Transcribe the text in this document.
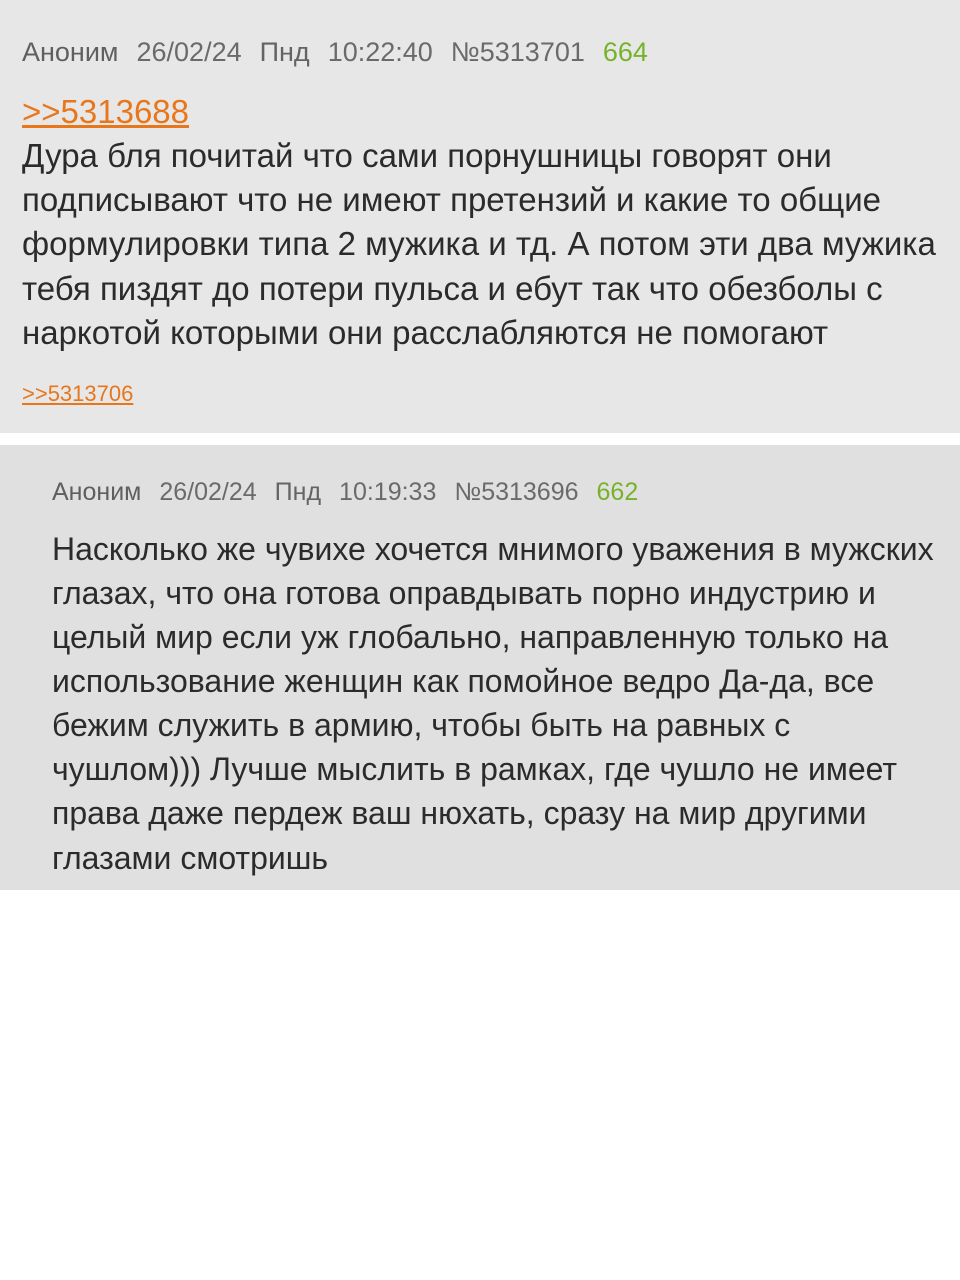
Аноним 26/02/24 Пнд 10:22:40 №5313701 664
>>5313688

Дура бля почитай что сами порнушницы говорят они подписывают что не имеют претензий и какие то общие формулировки типа 2 мужика и тд. А потом эти два мужика тебя пиздят до потери пульса и ебут так что обезболы с наркотой которыми они расслабляются не помогают

>>5313706
Аноним 26/02/24 Пнд 10:19:33 №5313696 662

Насколько же чувихе хочется мнимого уважения в мужских глазах, что она готова оправдывать порно индустрию и целый мир если уж глобально, направленную только на использование женщин как помойное ведро Да-да, все бежим служить в армию, чтобы быть на равных с чушлом))) Лучше мыслить в рамках, где чушло не имеет права даже пердеж ваш нюхать, сразу на мир другими глазами смотришь
